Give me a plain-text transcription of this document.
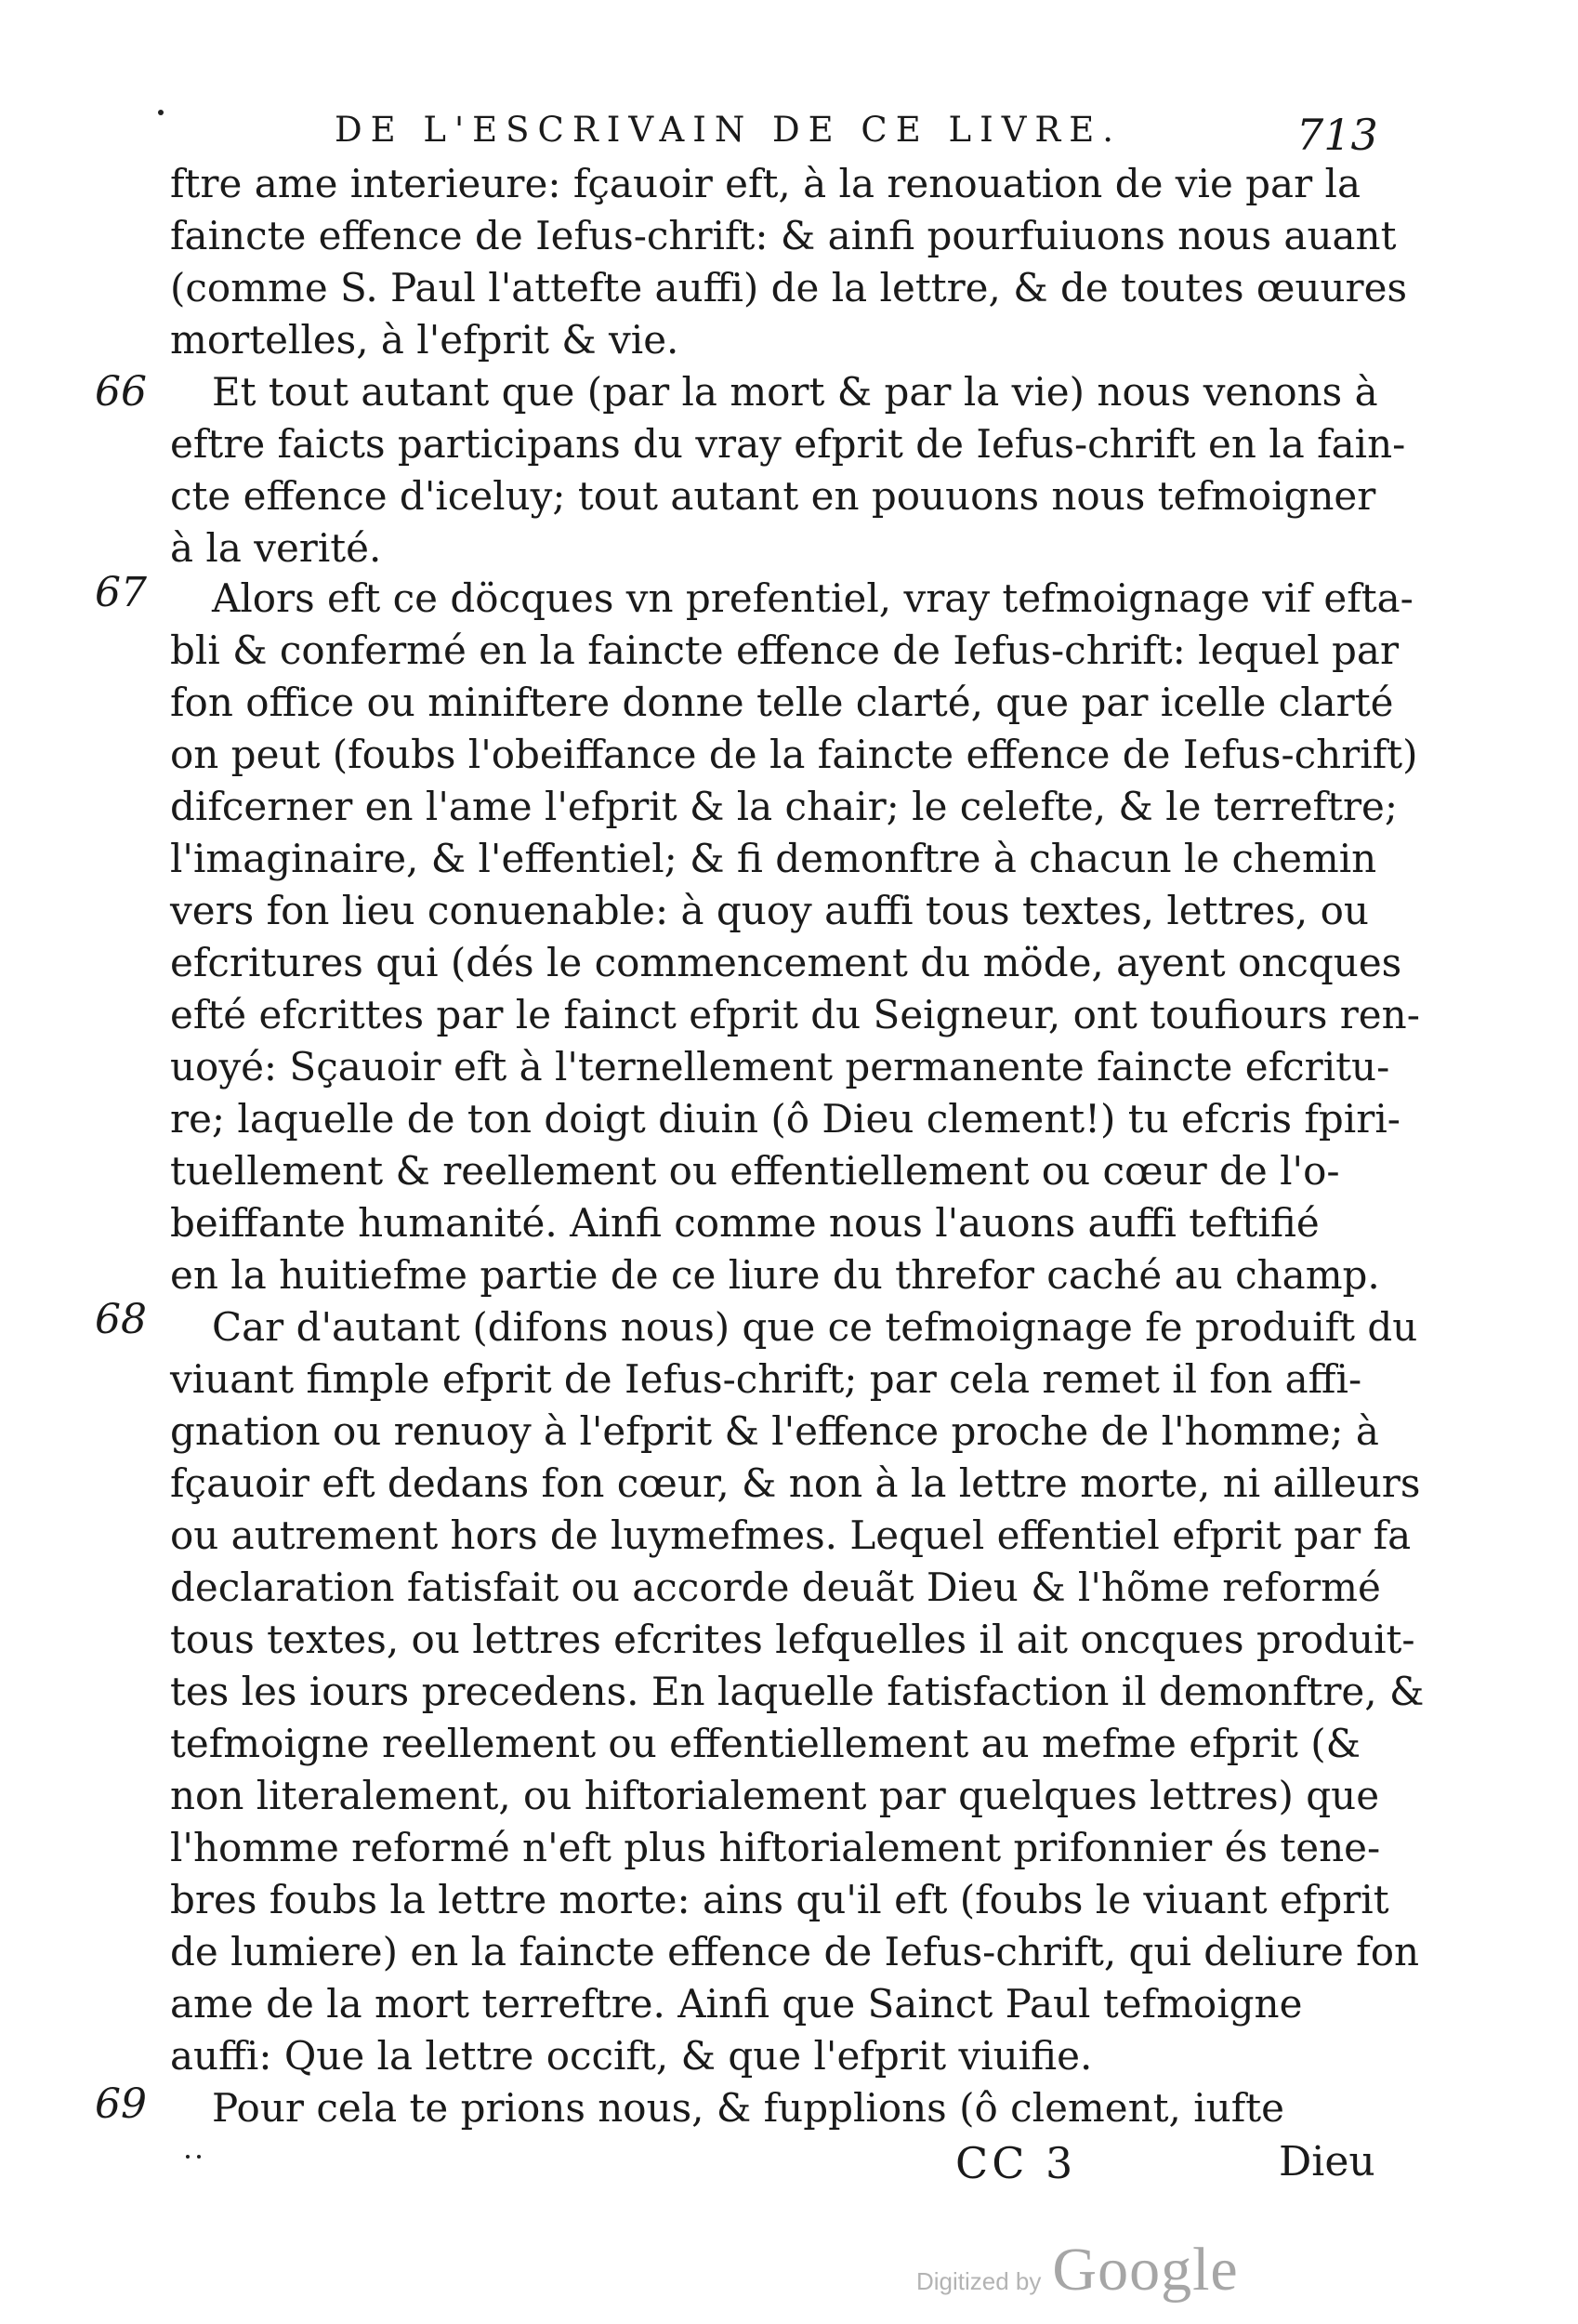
DE L'ESCRIVAIN DE CE LIVRE.	713
ftre ame interieure: fçauoir eft, à la renouation de vie par la
faincte effence de Iefus-chrift: & ainfi pourfuiuons nous auant
(comme S. Paul l'attefte auffi) de la lettre, & de toutes œuures
mortelles, à l'efprit & vie.
66	Et tout autant que (par la mort & par la vie) nous venons à
eftre faicts participans du vray efprit de Iefus-chrift en la fain-
cte effence d'iceluy; tout autant en pouuons nous tefmoigner
à la verité.
67	Alors eft ce döcques vn prefentiel, vray tefmoignage vif efta-
bli & confermé en la faincte effence de Iefus-chrift: lequel par
fon office ou miniftere donne telle clarté, que par icelle clarté
on peut (foubs l'obeiffance de la faincte effence de Iefus-chrift)
difcerner en l'ame l'efprit & la chair; le celefte, & le terreftre;
l'imaginaire, & l'effentiel; & fi demonftre à chacun le chemin
vers fon lieu conuenable: à quoy auffi tous textes, lettres, ou
efcritures qui (dés le commencement du möde, ayent oncques
efté efcrittes par le fainct efprit du Seigneur, ont toufiours ren-
uoyé: Sçauoir eft à l'ternellement permanente faincte efcritu-
re; laquelle de ton doigt diuin (ô Dieu clement!) tu efcris fpiri-
tuellement & reellement ou effentiellement ou cœur de l'o-
beiffante humanité. Ainfi comme nous l'auons auffi teftifié
en la huitiefme partie de ce liure du threfor caché au champ.
68	Car d'autant (difons nous) que ce tefmoignage fe produift du
viuant fimple efprit de Iefus-chrift; par cela remet il fon affi-
gnation ou renuoy à l'efprit & l'effence proche de l'homme; à
fçauoir eft dedans fon cœur, & non à la lettre morte, ni ailleurs
ou autrement hors de luymefmes. Lequel effentiel efprit par fa
declaration fatisfait ou accorde deuãt Dieu & l'hõme reformé
tous textes, ou lettres efcrites lefquelles il ait oncques produit-
tes les iours precedens. En laquelle fatisfaction il demonftre, &
tefmoigne reellement ou effentiellement au mefme efprit (&
non literalement, ou hiftorialement par quelques lettres) que
l'homme reformé n'eft plus hiftorialement prifonnier és tene-
bres foubs la lettre morte: ains qu'il eft (foubs le viuant efprit
de lumiere) en la faincte effence de Iefus-chrift, qui deliure fon
ame de la mort terreftre. Ainfi que Sainct Paul tefmoigne
auffi: Que la lettre occift, & que l'efprit viuifie.
69	Pour cela te prions nous, & fupplions (ô clement, iufte
CC 3	Dieu
Digitized by Google
